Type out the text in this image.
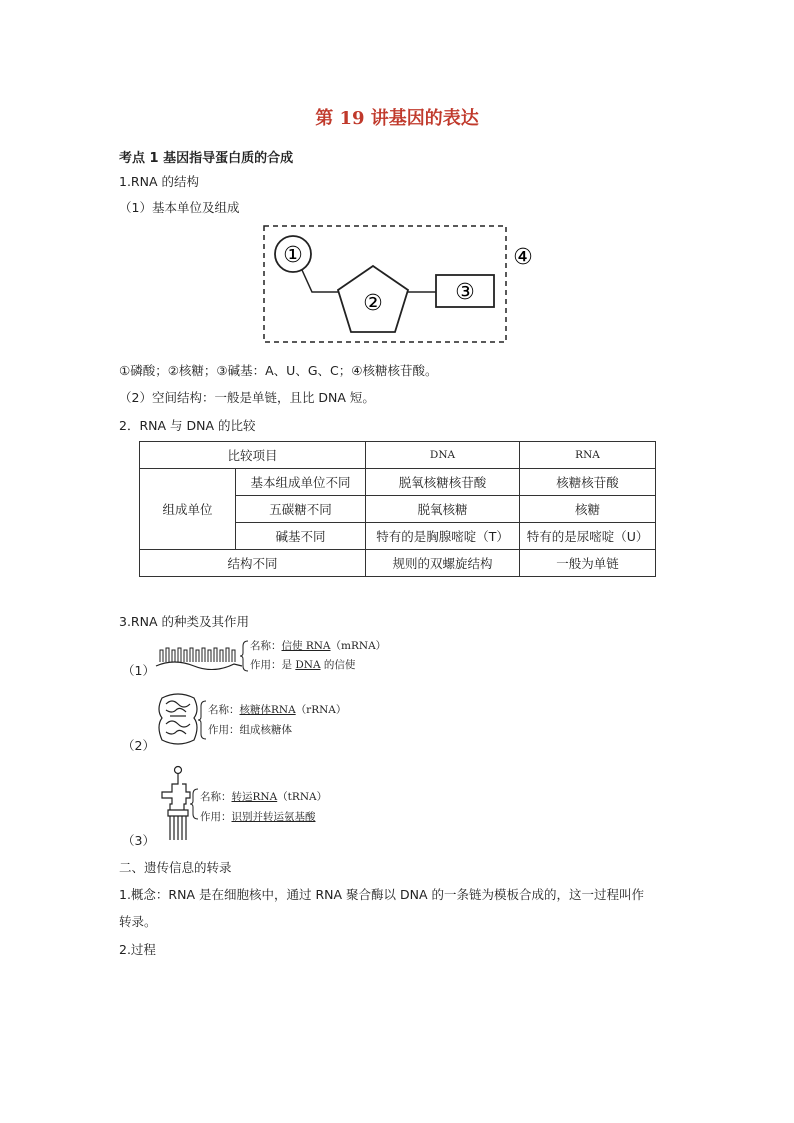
第 19 讲基因的表达
考点 1 基因指导蛋白质的合成
1.RNA 的结构
（1）基本单位及组成
①
②	③
④
①磷酸；②核糖；③碱基：A、U、G、C；④核糖核苷酸。
（2）空间结构：一般是单链，且比 DNA 短。
2．RNA 与 DNA 的比较
比较项目		DNA	RNA
组成单位	基本组成单位不同	脱氧核糖核苷酸	核糖核苷酸
	五碳糖不同	脱氧核糖	核糖
	碱基不同	特有的是胸腺嘧啶（T）	特有的是尿嘧啶（U）
结构不同		规则的双螺旋结构	一般为单链
3.RNA 的种类及其作用
（1）
名称：信使 RNA（mRNA）
作用：是 DNA 的信使
（2）
名称：核糖体RNA（rRNA）
作用：组成核糖体
（3）
名称：转运RNA（tRNA）
作用：识别并转运氨基酸
二、遗传信息的转录
1.概念：RNA 是在细胞核中，通过 RNA 聚合酶以 DNA 的一条链为模板合成的，这一过程叫作
转录。
2.过程
